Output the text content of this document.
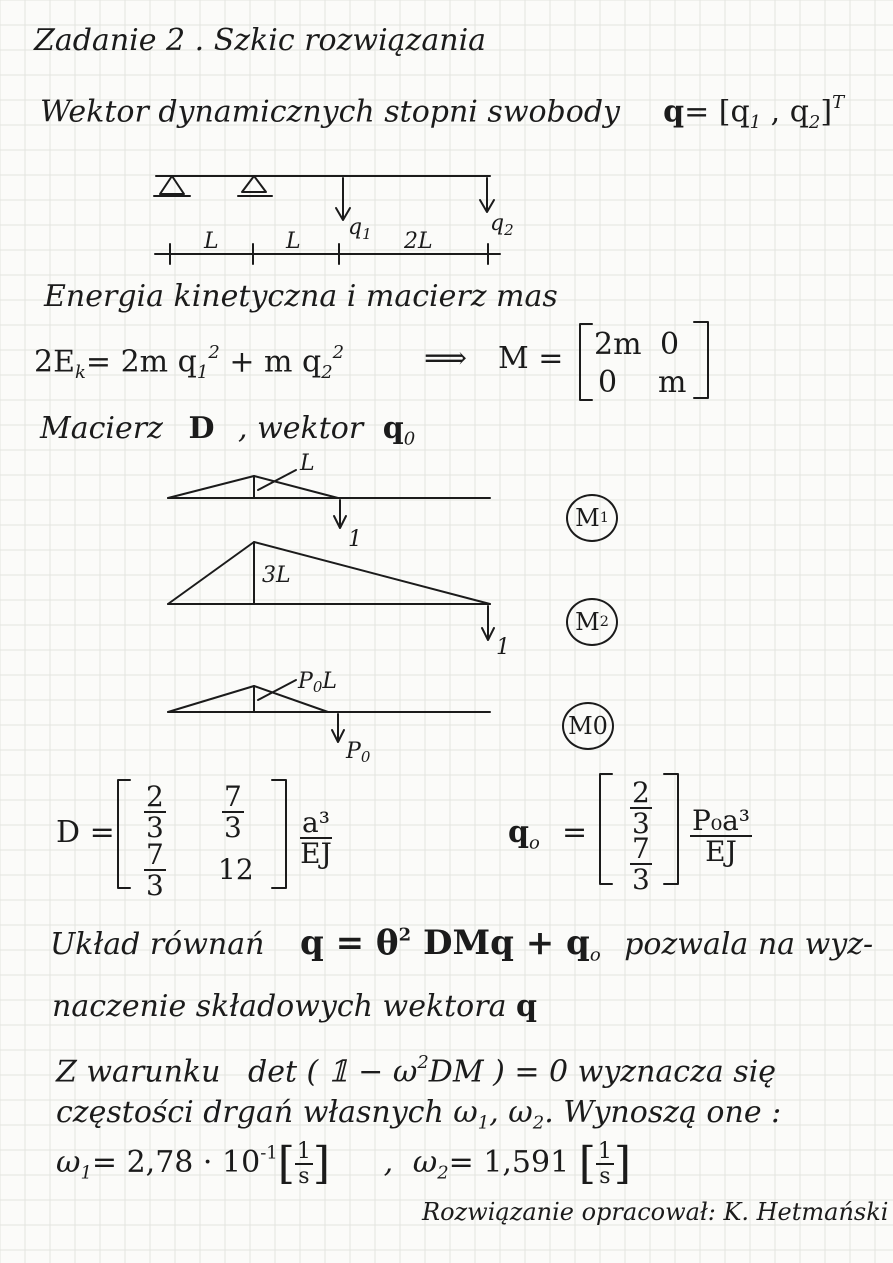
Zadanie 2 . Szkic rozwiązania
Wektor dynamicznych stopni swobody $q= [q_1$ , $q_2]^T$
L	L	2L
$q_1$	$q_2$
Energia kinetyczna i macierz mas
$2E_k= 2m$ $q_1^2 + m$ $q_2^2$	⟹ M = 2m 0
0 m
Macierz D , wektor $q_0$
L
1
3L
1
P0L
P0
M 1
M 2
M 0
$D = \frac{2}{3} \frac{7}{3}$
$\frac{7}{3} 12$
$\frac{\text{a³}}{EJ}$	$q_o = \frac{2}{3}$
$\frac{7}{3} \frac{\text{P₀a³}}{EJ}$
Układ równań $q = \theta^2$ DMq + $q_o$ pozwala na wyz-
naczenie składowych wektora q
Z warunku det ( 𝟙 − $\omega^2DM$ ) = 0 wyznacza się
częstości drgań własnych $\omega_1$, $\omega_2$. Wynoszą one :
$\omega_1= 2,78 \cdot 10^{-1}[ \frac{1}{s}$ ] , $\omega_2= 1,591$ [ $\frac{1}{s}$ ]
Rozwiązanie opracował: K. Hetmański
